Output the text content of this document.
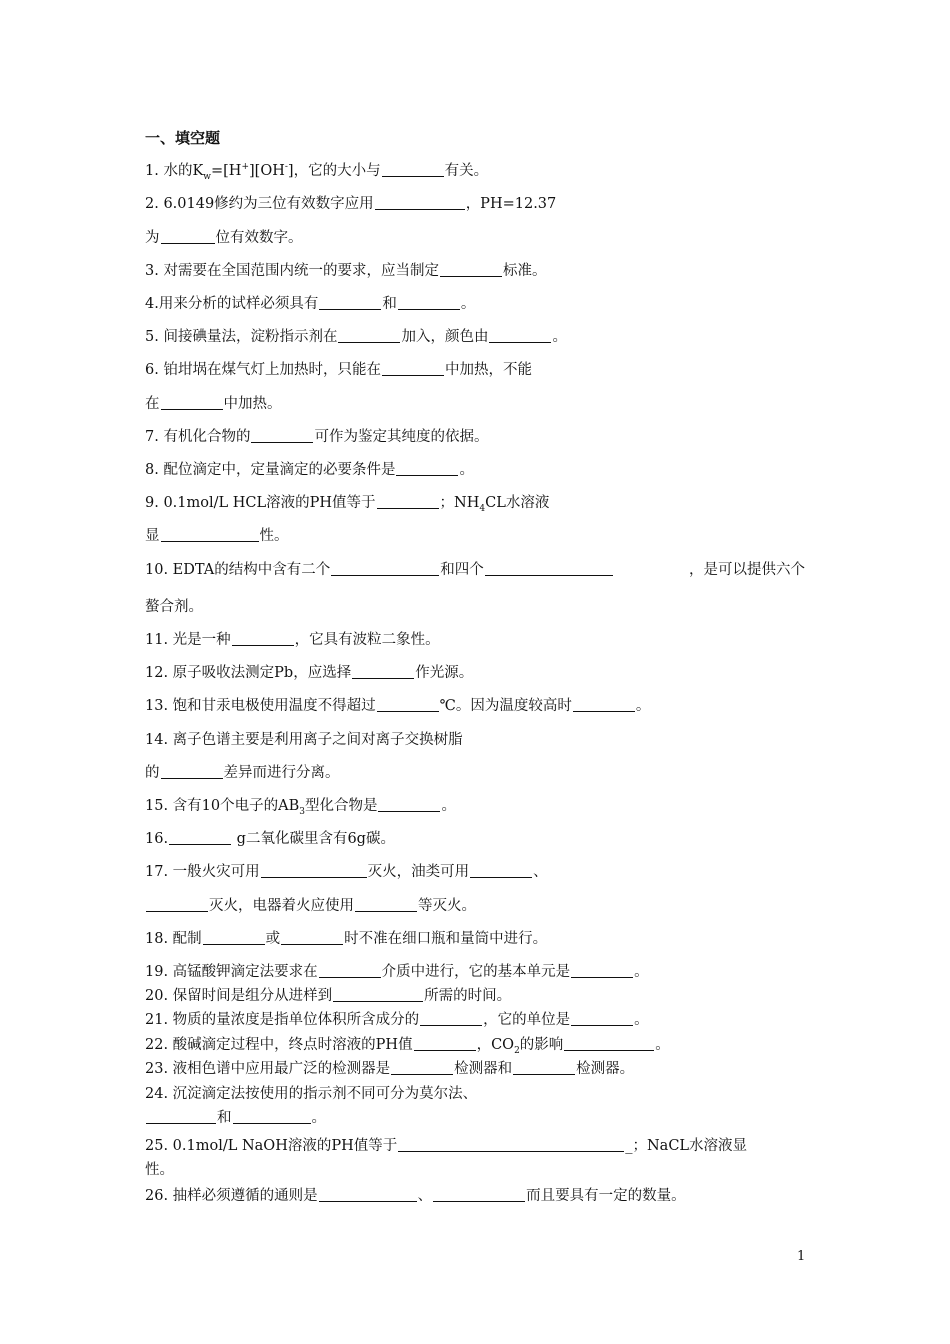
一、填空题
1. 水的$K_w=[H^+][OH^-]$，它的大小与	有关。
2. 6.0149修约为三位有效数字应用	，PH=12.37
为	位有效数字。
3. 对需要在全国范围内统一的要求，应当制定	标准。
4.用来分析的试样必须具有	和	。
5. 间接碘量法，淀粉指示剂在	加入，颜色由	。
6. 铂坩埚在煤气灯上加热时，只能在	中加热，不能
在	中加热。
7. 有机化合物的	可作为鉴定其纯度的依据。
8. 配位滴定中，定量滴定的必要条件是	。
9. 0.1mol/L HCL溶液的PH值等于	；$NH_4CL$水溶液
显	性。
10. EDTA的结构中含有二个	和四个	，是可以提供六个
螯合剂。
11. 光是一种	，它具有波粒二象性。
12. 原子吸收法测定Pb，应选择	作光源。
13. 饱和甘汞电极使用温度不得超过	℃。因为温度较高时	。
14. 离子色谱主要是利用离子之间对离子交换树脂
的	差异而进行分离。
15. 含有10个电子的$AB_3$型化合物是	。
16.	g二氧化碳里含有6g碳。
17. 一般火灾可用	灭火，油类可用	、
灭火，电器着火应使用	等灭火。
18. 配制	或	时不准在细口瓶和量筒中进行。
19. 高锰酸钾滴定法要求在	介质中进行，它的基本单元是	。
20. 保留时间是组分从进样到	所需的时间。
21. 物质的量浓度是指单位体积所含成分的	，它的单位是	。
22. 酸碱滴定过程中，终点时溶液的PH值	，$CO_2$的影响	。
23. 液相色谱中应用最广泛的检测器是	检测器和	检测器。
24. 沉淀滴定法按使用的指示剂不同可分为莫尔法、
和	。
25. 0.1mol/L NaOH溶液的PH值等于	_；NaCL水溶液显
性。
26. 抽样必须遵循的通则是	、	而且要具有一定的数量。
1
